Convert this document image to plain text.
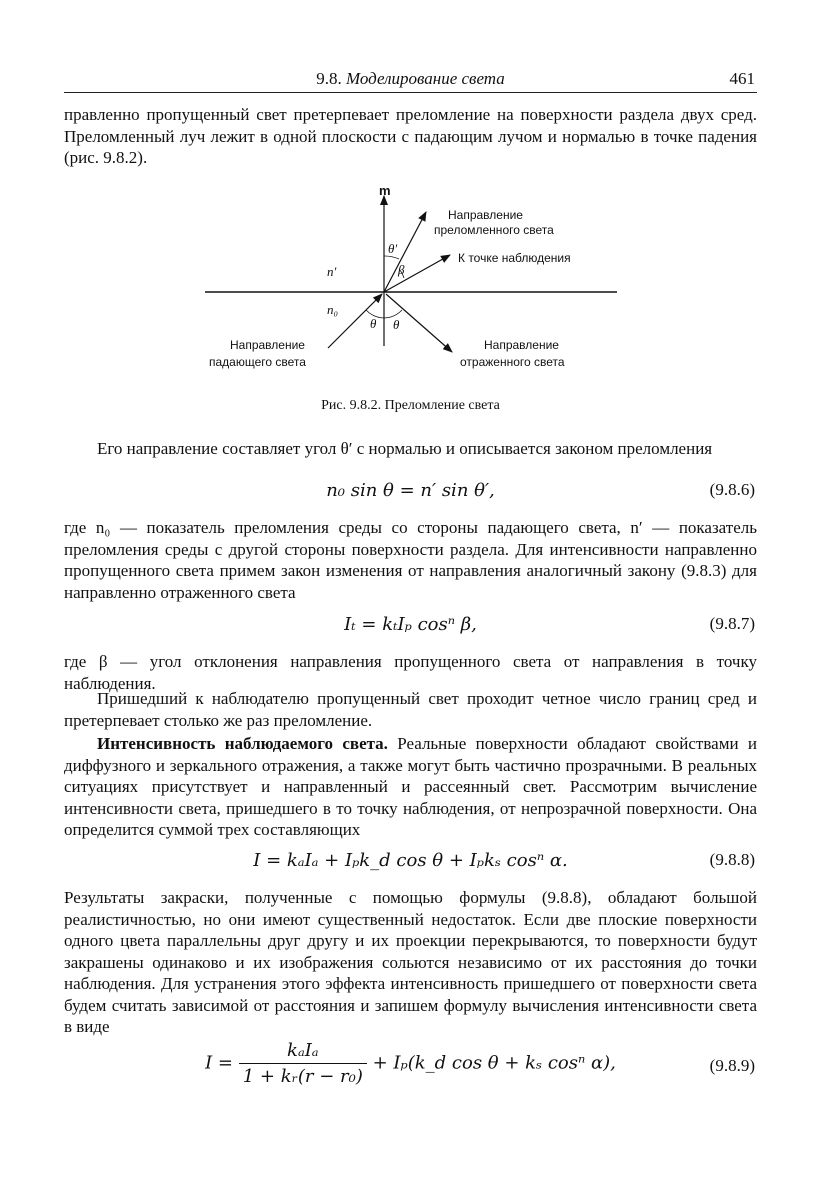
9.8. Моделирование света	461

правленно пропущенный свет претерпевает преломление на поверхности раздела двух сред. Преломленный луч лежит в одной плоскости с падающим лучом и нормалью в точке падения (рис. 9.8.2).

m
Направление
преломленного света
К точке наблюдения
n′
n₀
θ′
β
θ θ
Направление
падающего света
Направление
отраженного света
Рис. 9.8.2. Преломление света

Его направление составляет угол θ′ с нормалью и описывается законом преломления

n₀ sin θ = n′ sin θ′,	(9.8.6)

где n₀ — показатель преломления среды со стороны падающего света, n′ — показатель преломления среды с другой стороны поверхности раздела. Для интенсивности направленно пропущенного света примем закон изменения от направления аналогичный закону (9.8.3) для направленно отраженного света

Iₜ = kₜIₚ cosⁿ β,	(9.8.7)

где β — угол отклонения направления пропущенного света от направления в точку наблюдения.

Пришедший к наблюдателю пропущенный свет проходит четное число границ сред и претерпевает столько же раз преломление.

Интенсивность наблюдаемого света. Реальные поверхности обладают свойствами и диффузного и зеркального отражения, а также могут быть частично прозрачными. В реальных ситуациях присутствует и направленный и рассеянный свет. Рассмотрим вычисление интенсивности света, пришедшего в то точку наблюдения, от непрозрачной поверхности. Она определится суммой трех составляющих

I = kₐIₐ + Iₚk_d cos θ + Iₚkₛ cosⁿ α.	(9.8.8)

Результаты закраски, полученные с помощью формулы (9.8.8), обладают большой реалистичностью, но они имеют существенный недостаток. Если две плоские поверхности одного цвета параллельны друг другу и их проекции перекрываются, то поверхности будут закрашены одинаково и их изображения сольются независимо от их расстояния до точки наблюдения. Для устранения этого эффекта интенсивность пришедшего от поверхности света будем считать зависимой от расстояния и запишем формулу вычисления интенсивности света в виде

$I = \frac{\text{kₐIₐ}}{\text{1 + kᵣ(r − r₀)}}$ + Iₚ(k_d cos θ + kₛ cosⁿ α),	(9.8.9)
